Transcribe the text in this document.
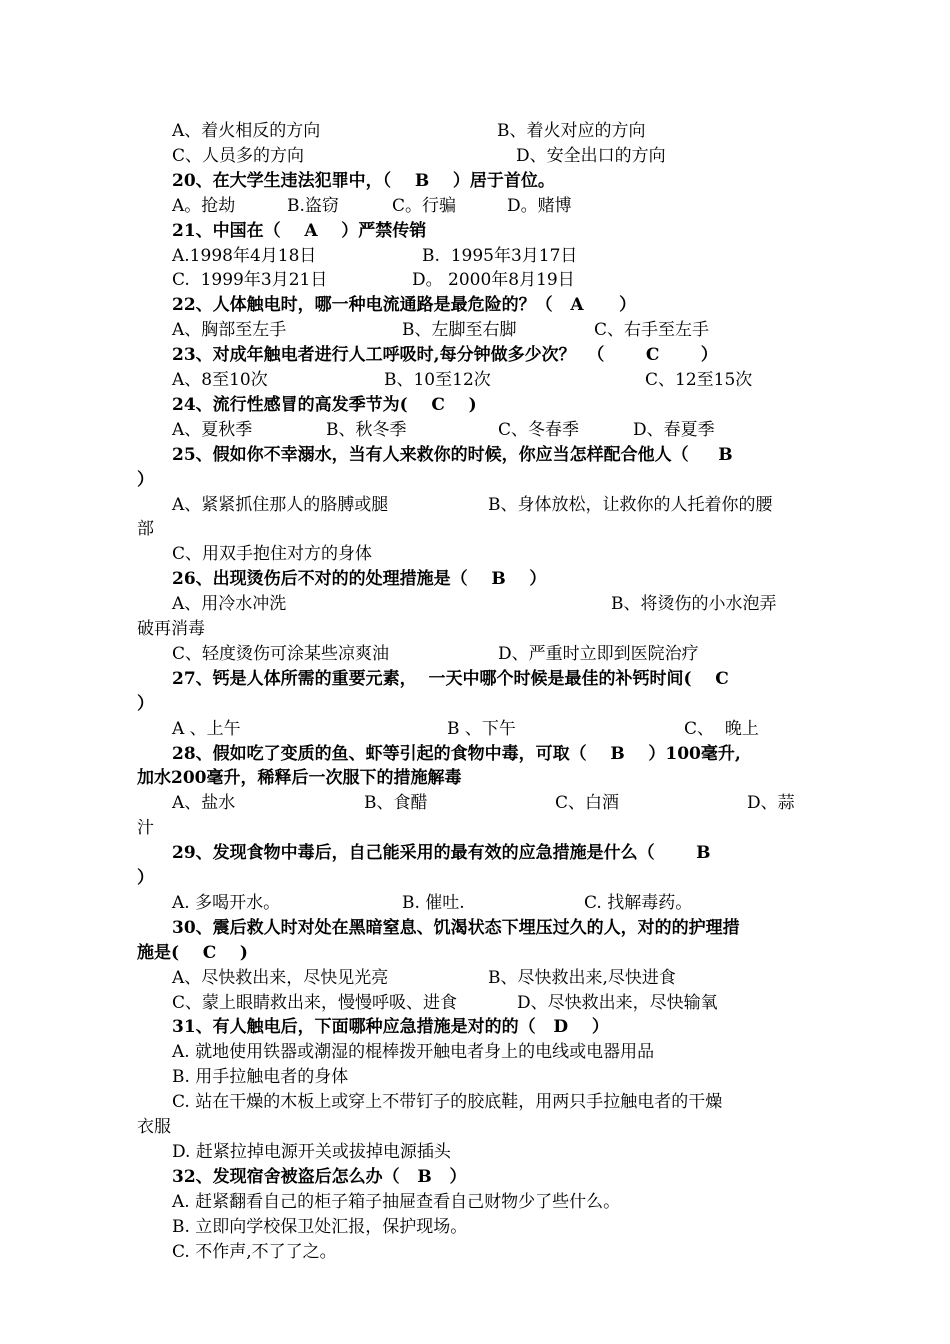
A、着火相反的方向	B、着火对应的方向
C、人员多的方向	D、安全出口的方向
20、在大学生违法犯罪中，（    B    ）居于首位。
A。抢劫	B.盗窃	C。行骗	D。赌博
21、中国在（    A    ）严禁传销
A.1998年4月18日	B.  1995年3月17日
C.  1999年3月21日	D。 2000年8月19日
22、人体触电时，哪一种电流通路是最危险的？（   A      ）
A、胸部至左手	B、左脚至右脚	C、右手至左手
23、对成年触电者进行人工呼吸时,每分钟做多少次？  （       C       ）
A、8至10次	B、10至12次	C、12至15次
24、流行性感冒的高发季节为(    C    )
A、夏秋季	B、秋冬季	C、冬春季	D、春夏季
25、假如你不幸溺水，当有人来救你的时候，你应当怎样配合他人（     B
）
A、紧紧抓住那人的胳膊或腿	B、身体放松，让救你的人托着你的腰
部
C、用双手抱住对方的身体
26、出现烫伤后不对的的处理措施是（    B    ）
A、用冷水冲洗	B、将烫伤的小水泡弄
破再消毒
C、轻度烫伤可涂某些凉爽油	D、严重时立即到医院治疗
27、钙是人体所需的重要元素，  一天中哪个时候是最佳的补钙时间(    C
）
A 、上午	B 、下午	C、  晚上
28、假如吃了变质的鱼、虾等引起的食物中毒，可取（    B    ）100毫升,
加水200毫升，稀释后一次服下的措施解毒
A、盐水	B、食醋	C、白酒	D、蒜
汁
29、发现食物中毒后，自己能采用的最有效的应急措施是什么（       B
）
A. 多喝开水。	B. 催吐.	C. 找解毒药。
30、震后救人时对处在黑暗窒息、饥渴状态下埋压过久的人，对的的护理措
施是(    C    )
A、尽快救出来，尽快见光亮	B、尽快救出来,尽快进食
C、蒙上眼睛救出来，慢慢呼吸、进食	D、尽快救出来，尽快输氧
31、有人触电后，下面哪种应急措施是对的的（   D    ）
A. 就地使用铁器或潮湿的棍棒拨开触电者身上的电线或电器用品
B. 用手拉触电者的身体
C. 站在干燥的木板上或穿上不带钉子的胶底鞋，用两只手拉触电者的干燥
衣服
D. 赶紧拉掉电源开关或拔掉电源插头
32、发现宿舍被盗后怎么办（   B   ）
A. 赶紧翻看自己的柜子箱子抽屉查看自己财物少了些什么。
B. 立即向学校保卫处汇报，保护现场。
C. 不作声,不了了之。
